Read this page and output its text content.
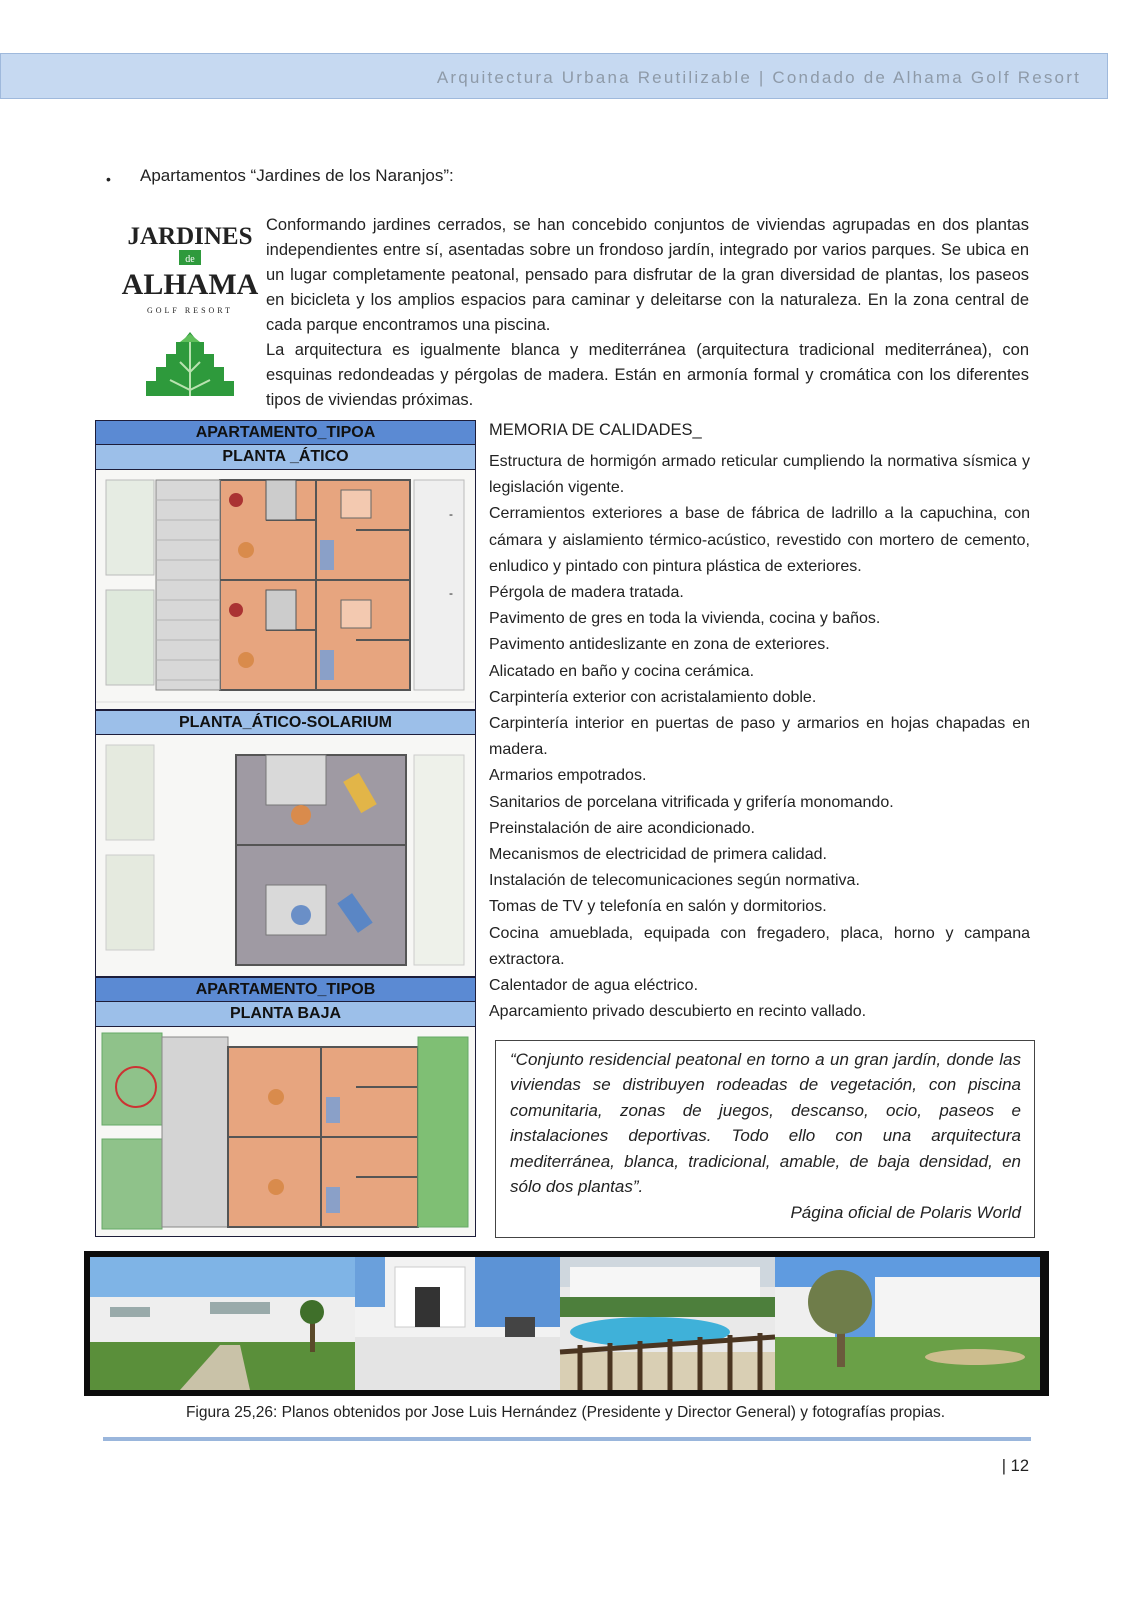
Arquitectura Urbana Reutilizable | Condado de Alhama Golf Resort
• Apartamentos “Jardines de los Naranjos”:
JARDINES
de
ALHAMA
GOLF RESORT

Conformando jardines cerrados, se han concebido conjuntos de viviendas agrupadas en dos plantas independientes entre sí, asentadas sobre un frondoso jardín, integrado por varios parques. Se ubica en un lugar completamente peatonal, pensado para disfrutar de la gran diversidad de plantas, los paseos en bicicleta y los amplios espacios para caminar y deleitarse con la naturaleza. En la zona central de cada parque encontramos una piscina.

La arquitectura es igualmente blanca y mediterránea (arquitectura tradicional mediterránea), con esquinas redondeadas y pérgolas de madera. Están en armonía formal y cromática con los diferentes tipos de viviendas próximas.

APARTAMENTO_TIPOA
PLANTA _ÁTICO
PLANTA_ÁTICO-SOLARIUM
APARTAMENTO_TIPOB
PLANTA BAJA
MEMORIA DE CALIDADES_
Estructura de hormigón armado reticular cumpliendo la normativa sísmica y legislación vigente.
- Cerramientos exteriores a base de fábrica de ladrillo a la capuchina, con cámara y aislamiento térmico-acústico, revestido con mortero de cemento, enludico y pintado con pintura plástica de exteriores.
- Pérgola de madera tratada.
Pavimento de gres en toda la vivienda, cocina y baños.
Pavimento antideslizante en zona de exteriores.
Alicatado en baño y cocina cerámica.
Carpintería exterior con acristalamiento doble.
Carpintería interior en puertas de paso y armarios en hojas chapadas en madera.
Armarios empotrados.
Sanitarios de porcelana vitrificada y grifería monomando.
Preinstalación de aire acondicionado.
Mecanismos de electricidad de primera calidad.
Instalación de telecomunicaciones según normativa.
Tomas de TV y telefonía en salón y dormitorios.
Cocina amueblada, equipada con fregadero, placa, horno y campana extractora.
Calentador de agua eléctrico.
Aparcamiento privado descubierto en recinto vallado.

“Conjunto residencial peatonal en torno a un gran jardín, donde las viviendas se distribuyen rodeadas de vegetación, con piscina comunitaria, zonas de juegos, descanso, ocio, paseos e instalaciones deportivas. Todo ello con una arquitectura mediterránea, blanca, tradicional, amable, de baja densidad, en sólo dos plantas”.

Página oficial de Polaris World
Figura 25,26: Planos obtenidos por Jose Luis Hernández (Presidente y Director General) y fotografías propias.
| 12
